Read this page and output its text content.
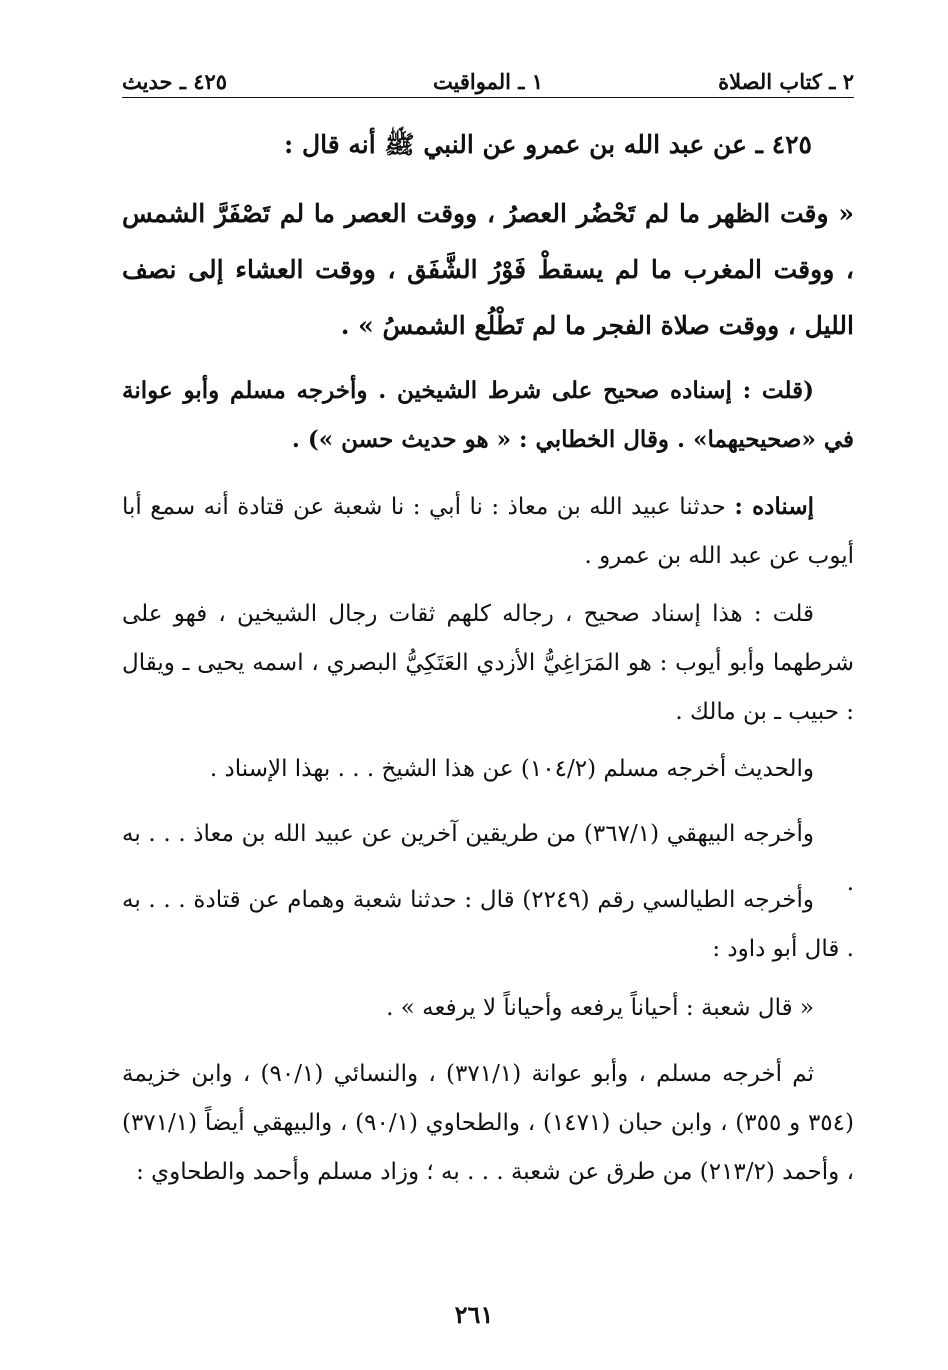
٢ ـ كتاب الصلاة
١ ـ المواقيت
٤٢٥ ـ حديث

٤٢٥ ـ عن عبد الله بن عمرو عن النبي ﷺ أنه قال :

« وقت الظهر ما لم تَحْضُر العصرُ ، ووقت العصر ما لم تَصْفَرَّ الشمس ، ووقت المغرب ما لم يسقطْ فَوْرُ الشَّفَق ، ووقت العشاء إلى نصف الليل ، ووقت صلاة الفجر ما لم تَطْلُع الشمسُ » .

(قلت : إسناده صحيح على شرط الشيخين . وأخرجه مسلم وأبو عوانة في «صحيحيهما» . وقال الخطابي : « هو حديث حسن ») .

إسناده : حدثنا عبيد الله بن معاذ : نا أبي : نا شعبة عن قتادة أنه سمع أبا أيوب عن عبد الله بن عمرو .

قلت : هذا إسناد صحيح ، رجاله كلهم ثقات رجال الشيخين ، فهو على شرطهما وأبو أيوب : هو المَرَاغِيُّ الأزدي العَتَكِيُّ البصري ، اسمه يحيى ـ ويقال : حبيب ـ بن مالك .

والحديث أخرجه مسلم (١٠٤/٢) عن هذا الشيخ . . . بهذا الإسناد .

وأخرجه البيهقي (٣٦٧/١) من طريقين آخرين عن عبيد الله بن معاذ . . . به .

وأخرجه الطيالسي رقم (٢٢٤٩) قال : حدثنا شعبة وهمام عن قتادة . . . به . قال أبو داود :

« قال شعبة : أحياناً يرفعه وأحياناً لا يرفعه » .

ثم أخرجه مسلم ، وأبو عوانة (٣٧١/١) ، والنسائي (٩٠/١) ، وابن خزيمة (٣٥٤ و ٣٥٥) ، وابن حبان (١٤٧١) ، والطحاوي (٩٠/١) ، والبيهقي أيضاً (٣٧١/١) ، وأحمد (٢١٣/٢) من طرق عن شعبة . . . به ؛ وزاد مسلم وأحمد والطحاوي :

٢٦١
